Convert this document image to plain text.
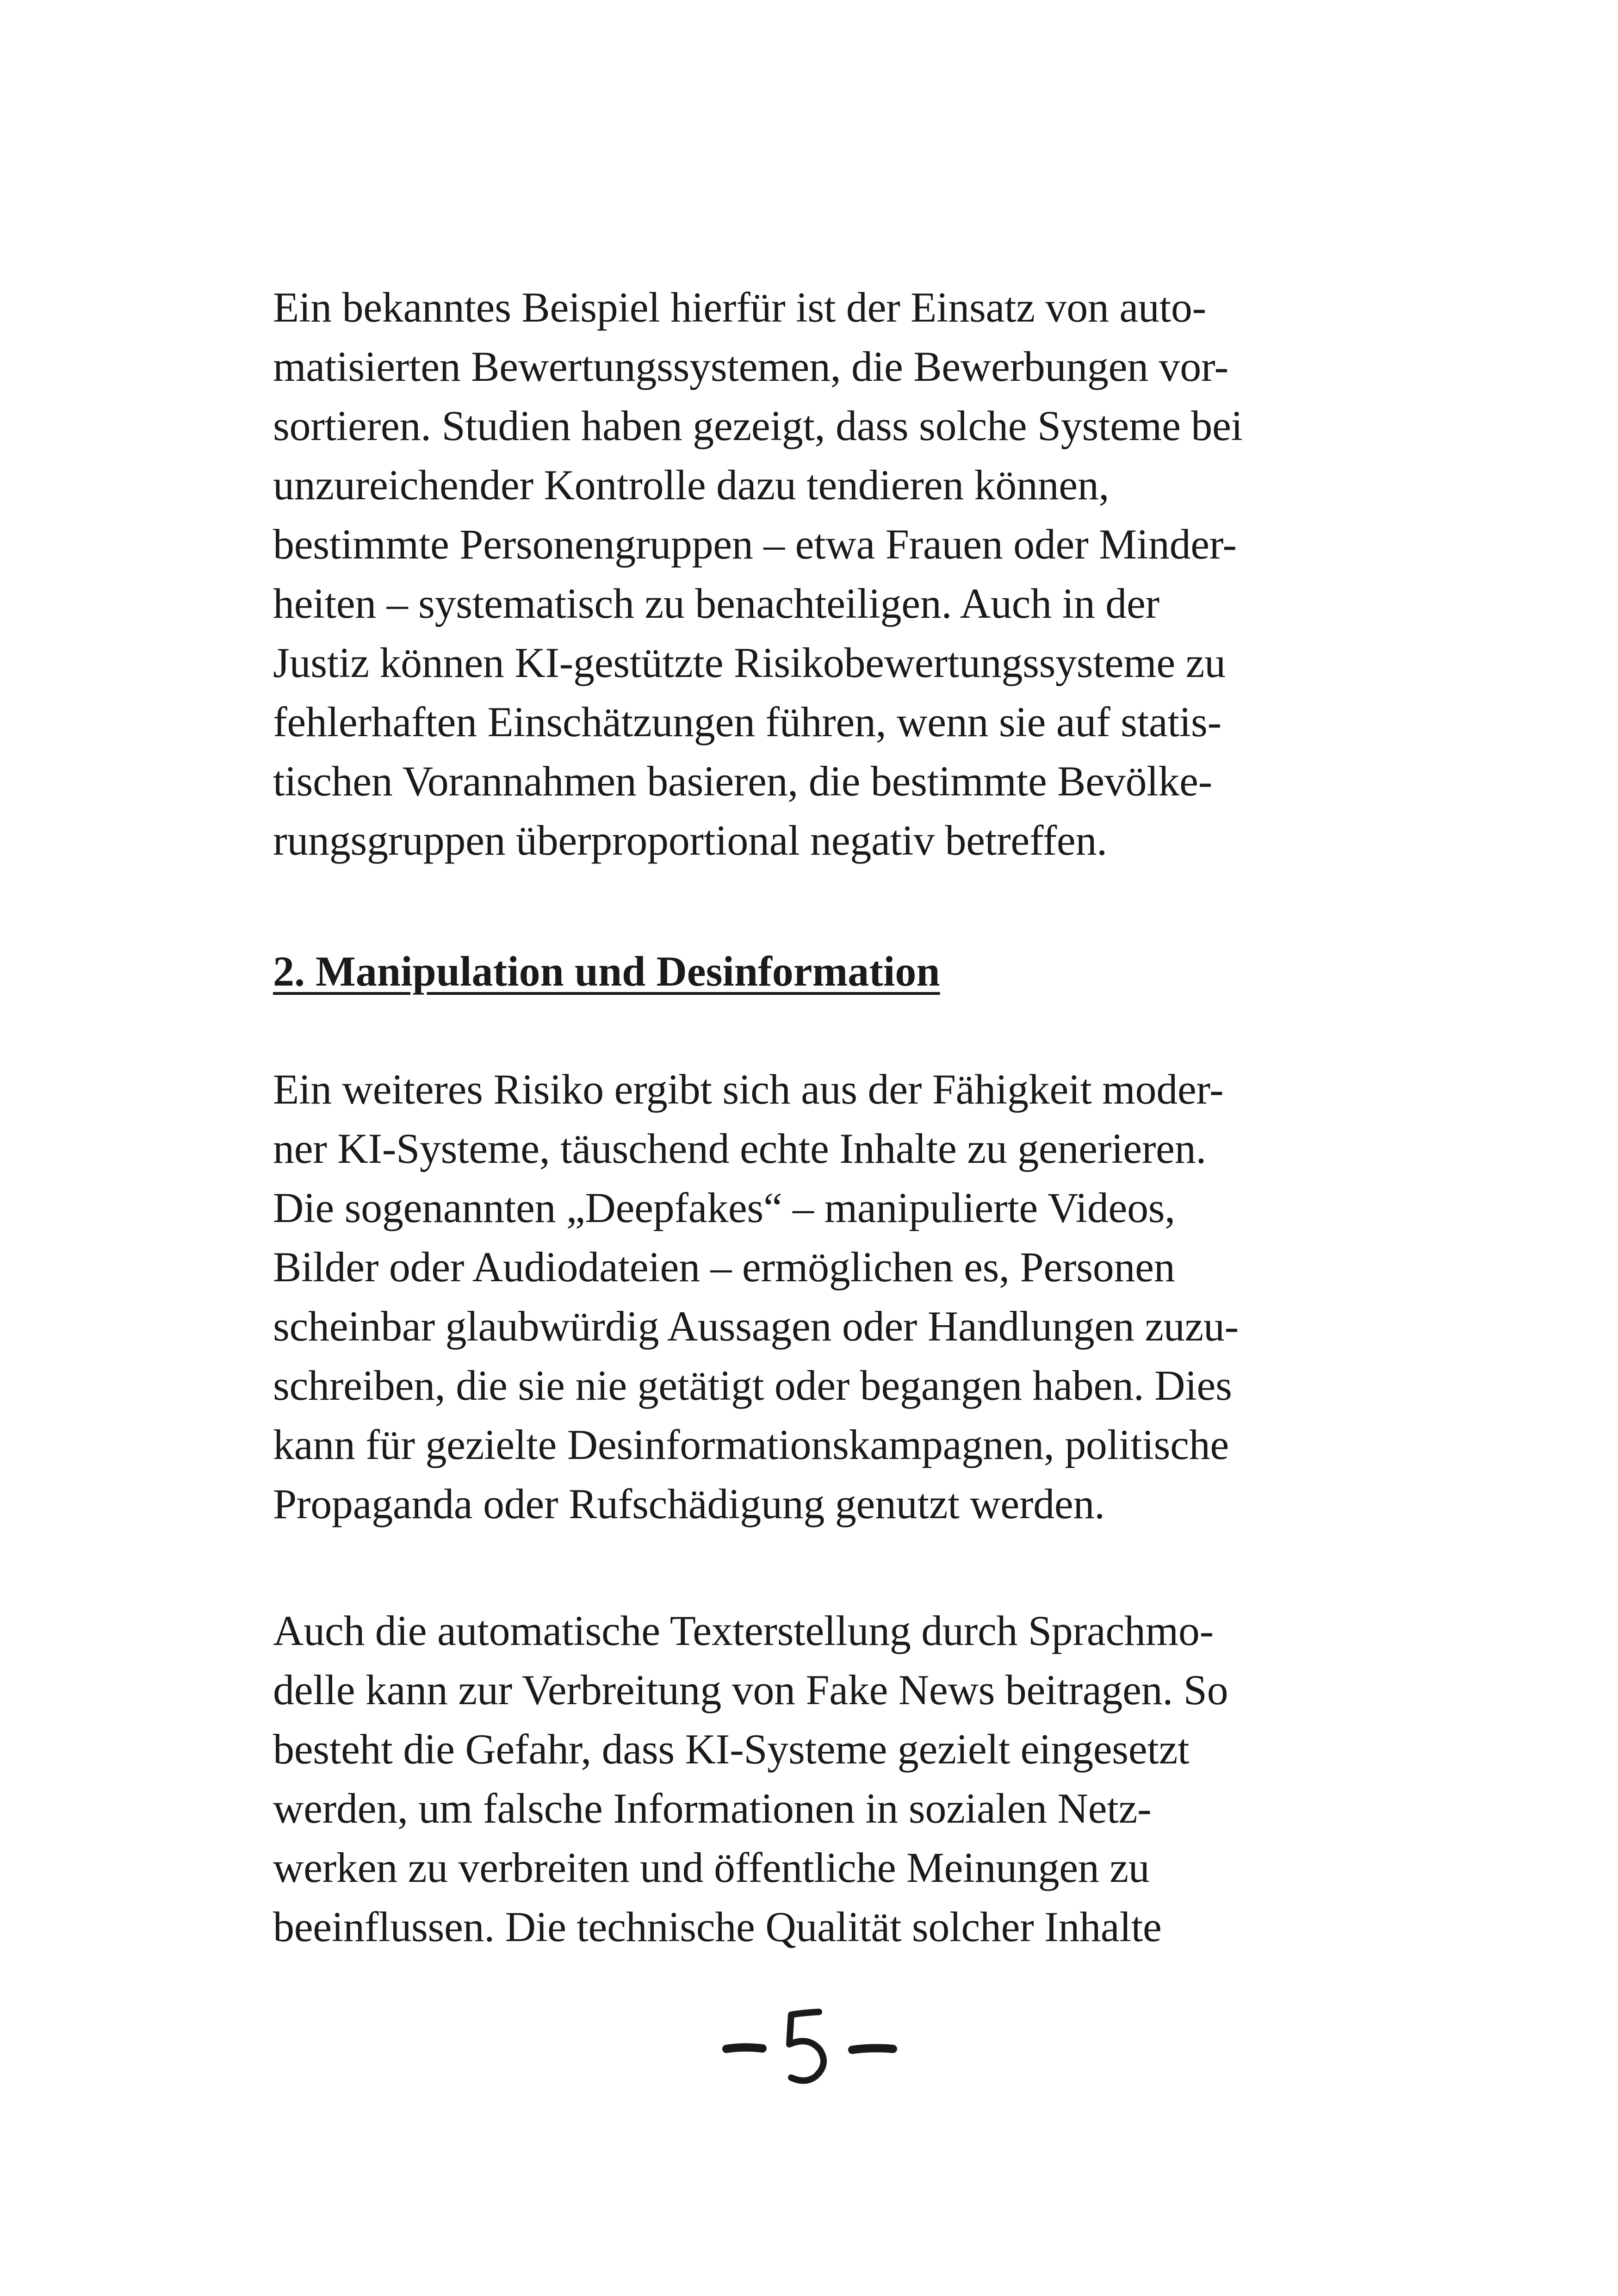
Ein bekanntes Beispiel hierfür ist der Einsatz von auto-
matisierten Bewertungssystemen, die Bewerbungen vor-
sortieren. Studien haben gezeigt, dass solche Systeme bei
unzureichender Kontrolle dazu tendieren können,
bestimmte Personengruppen – etwa Frauen oder Minder-
heiten – systematisch zu benachteiligen. Auch in der
Justiz können KI-gestützte Risikobewertungssysteme zu
fehlerhaften Einschätzungen führen, wenn sie auf statis-
tischen Vorannahmen basieren, die bestimmte Bevölke-
rungsgruppen überproportional negativ betreffen.
2. Manipulation und Desinformation
Ein weiteres Risiko ergibt sich aus der Fähigkeit moder-
ner KI-Systeme, täuschend echte Inhalte zu generieren.
Die sogenannten „Deepfakes“ – manipulierte Videos,
Bilder oder Audiodateien – ermöglichen es, Personen
scheinbar glaubwürdig Aussagen oder Handlungen zuzu-
schreiben, die sie nie getätigt oder begangen haben. Dies
kann für gezielte Desinformationskampagnen, politische
Propaganda oder Rufschädigung genutzt werden.
Auch die automatische Texterstellung durch Sprachmo-
delle kann zur Verbreitung von Fake News beitragen. So
besteht die Gefahr, dass KI-Systeme gezielt eingesetzt
werden, um falsche Informationen in sozialen Netz-
werken zu verbreiten und öffentliche Meinungen zu
beeinflussen. Die technische Qualität solcher Inhalte
